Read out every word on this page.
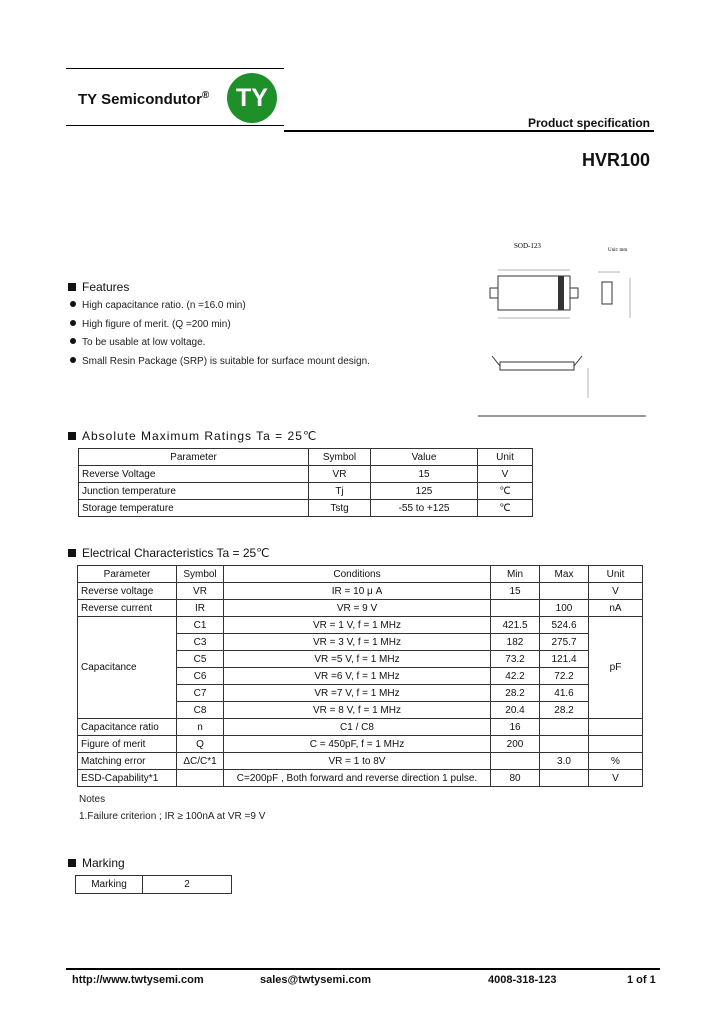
TY Semicondutor®	TY
Product specification
HVR100
SOD-123
Unit: mm
Features
High capacitance ratio. (n =16.0 min)
High figure of merit. (Q =200 min)
To be usable at low voltage.
Small Resin Package (SRP) is suitable for surface mount design.
Absolute Maximum Ratings Ta = 25℃
Parameter	Symbol	Value	Unit
Reverse Voltage	VR	15	V
Junction temperature	Tj	125	℃
Storage temperature	Tstg	-55 to +125	℃
Electrical Characteristics Ta = 25℃
Parameter	Symbol	Conditions	Min	Max	Unit
Reverse voltage	VR	IR = 10 μ A	15		V
Reverse current	IR	VR = 9 V		100	nA
Capacitance	C1	VR = 1 V, f = 1 MHz	421.5	524.6	pF
	C3	VR = 3 V, f = 1 MHz	182	275.7	
	C5	VR =5 V, f = 1 MHz	73.2	121.4	
	C6	VR =6 V, f = 1 MHz	42.2	72.2	
	C7	VR =7 V, f = 1 MHz	28.2	41.6	
	C8	VR = 8 V, f = 1 MHz	20.4	28.2	
Capacitance ratio	n	C1 / C8	16		
Figure of merit	Q	C = 450pF, f = 1 MHz	200		
Matching error	ΔC/C*1	VR = 1 to 8V		3.0	%
ESD-Capability*1		C=200pF , Both forward and reverse direction 1 pulse.	80		V
Notes
1.Failure criterion ; IR ≥ 100nA at VR =9 V
Marking
Marking	2
http://www.twtysemi.com	sales@twtysemi.com	4008-318-123	1 of 1
